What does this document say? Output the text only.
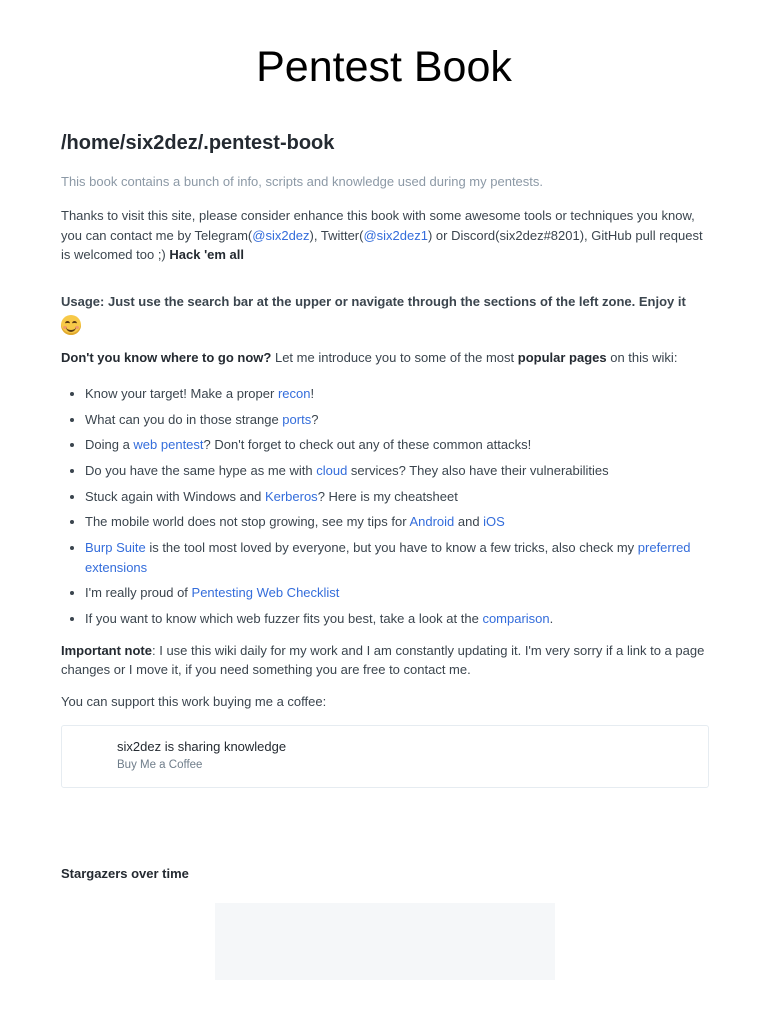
Pentest Book
/home/six2dez/.pentest-book
This book contains a bunch of info, scripts and knowledge used during my pentests.

Thanks to visit this site, please consider enhance this book with some awesome tools or techniques you know, you can contact me by Telegram(@six2dez), Twitter(@six2dez1) or Discord(six2dez#8201), GitHub pull request is welcomed too ;) Hack 'em all

Usage: Just use the search bar at the upper or navigate through the sections of the left zone. Enjoy it

Don't you know where to go now? Let me introduce you to some of the most popular pages on this wiki:

• Know your target! Make a proper recon!
• What can you do in those strange ports?
• Doing a web pentest? Don't forget to check out any of these common attacks!
• Do you have the same hype as me with cloud services? They also have their vulnerabilities
• Stuck again with Windows and Kerberos? Here is my cheatsheet
• The mobile world does not stop growing, see my tips for Android and iOS
• Burp Suite is the tool most loved by everyone, but you have to know a few tricks, also check my preferred extensions
• I'm really proud of Pentesting Web Checklist
• If you want to know which web fuzzer fits you best, take a look at the comparison.

Important note: I use this wiki daily for my work and I am constantly updating it. I'm very sorry if a link to a page changes or I move it, if you need something you are free to contact me.

You can support this work buying me a coffee:

six2dez is sharing knowledge
Buy Me a Coffee
Stargazers over time
